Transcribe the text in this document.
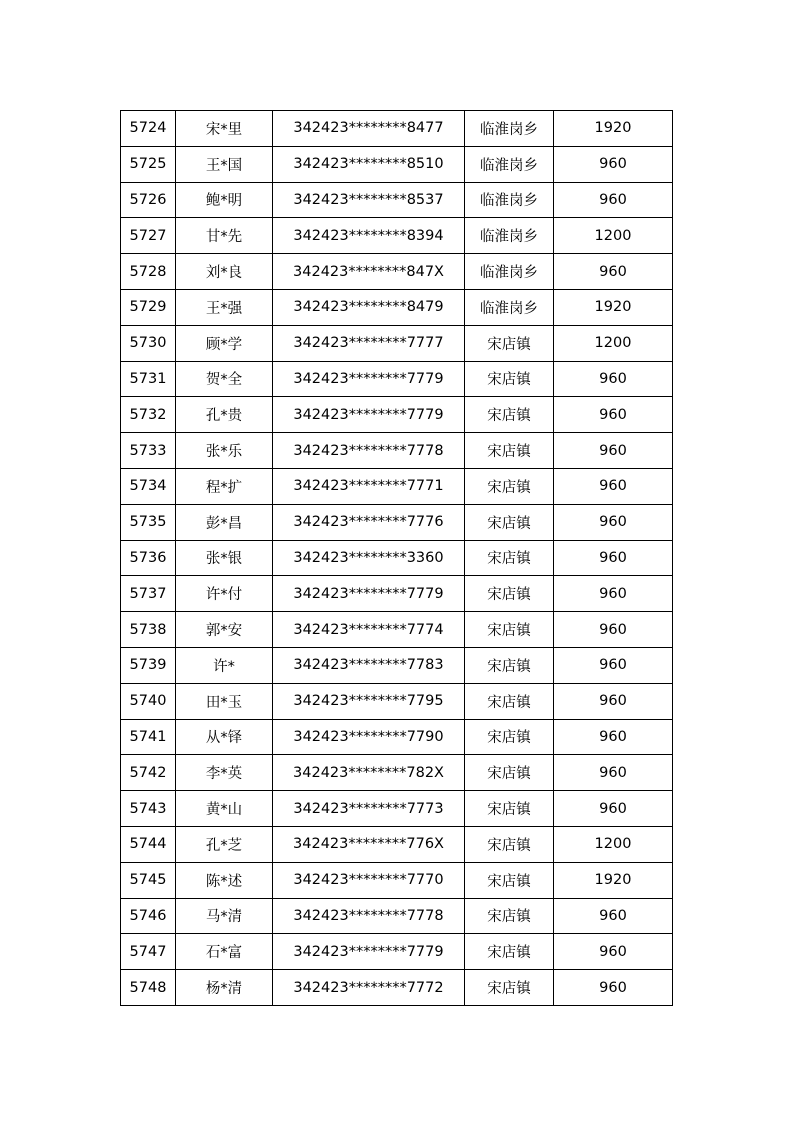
5724	宋*里	342423********8477	临淮岗乡	1920
5725	王*国	342423********8510	临淮岗乡	960
5726	鲍*明	342423********8537	临淮岗乡	960
5727	甘*先	342423********8394	临淮岗乡	1200
5728	刘*良	342423********847X	临淮岗乡	960
5729	王*强	342423********8479	临淮岗乡	1920
5730	顾*学	342423********7777	宋店镇	1200
5731	贺*全	342423********7779	宋店镇	960
5732	孔*贵	342423********7779	宋店镇	960
5733	张*乐	342423********7778	宋店镇	960
5734	程*扩	342423********7771	宋店镇	960
5735	彭*昌	342423********7776	宋店镇	960
5736	张*银	342423********3360	宋店镇	960
5737	许*付	342423********7779	宋店镇	960
5738	郭*安	342423********7774	宋店镇	960
5739	许*	342423********7783	宋店镇	960
5740	田*玉	342423********7795	宋店镇	960
5741	从*铎	342423********7790	宋店镇	960
5742	李*英	342423********782X	宋店镇	960
5743	黄*山	342423********7773	宋店镇	960
5744	孔*芝	342423********776X	宋店镇	1200
5745	陈*述	342423********7770	宋店镇	1920
5746	马*清	342423********7778	宋店镇	960
5747	石*富	342423********7779	宋店镇	960
5748	杨*清	342423********7772	宋店镇	960
